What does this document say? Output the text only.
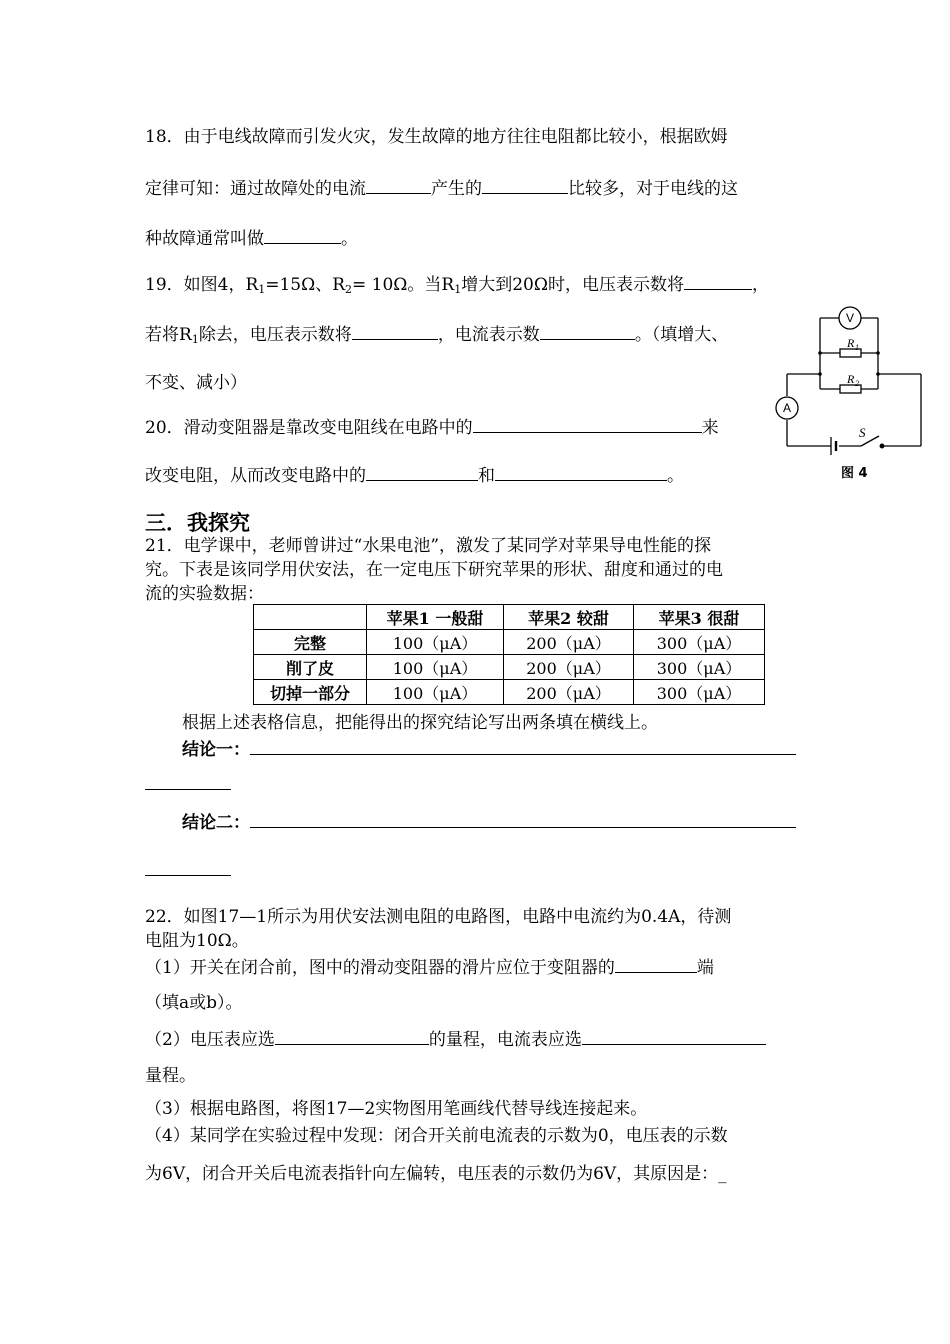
18．由于电线故障而引发火灾，发生故障的地方往往电阻都比较小，根据欧姆
定律可知：通过故障处的电流	产生的	比较多，对于电线的这
种故障通常叫做	。
19．如图4，$R_1=15\Omega$、$R_2= 10\Omega$。当$R_1$增大到20Ω时，电压表示数将	，
若将$R_1$除去，电压表示数将	，电流表示数	。（填增大、
不变、减小）
20．滑动变阻器是靠改变电阻线在电路中的	来
改变电阻，从而改变电路中的	和	。
V
A
R 1
R 2
S
图 4
三．我探究
21．电学课中，老师曾讲过“水果电池”，激发了某同学对苹果导电性能的探
究。下表是该同学用伏安法，在一定电压下研究苹果的形状、甜度和通过的电
流的实验数据：
	苹果1 一般甜	苹果2 较甜	苹果3 很甜
完整	100（μA）	200（μA）	300（μA）
削了皮	100（μA）	200（μA）	300（μA）
切掉一部分	100（μA）	200（μA）	300（μA）
根据上述表格信息，把能得出的探究结论写出两条填在横线上。
结论一：
结论二：
22．如图17—1所示为用伏安法测电阻的电路图，电路中电流约为0.4A，待测
电阻为10Ω。
（1）开关在闭合前，图中的滑动变阻器的滑片应位于变阻器的	端
（填a或b）。
（2）电压表应选	的量程，电流表应选
量程。
（3）根据电路图，将图17—2实物图用笔画线代替导线连接起来。
（4）某同学在实验过程中发现：闭合开关前电流表的示数为0，电压表的示数
为6V，闭合开关后电流表指针向左偏转，电压表的示数仍为6V，其原因是：_
